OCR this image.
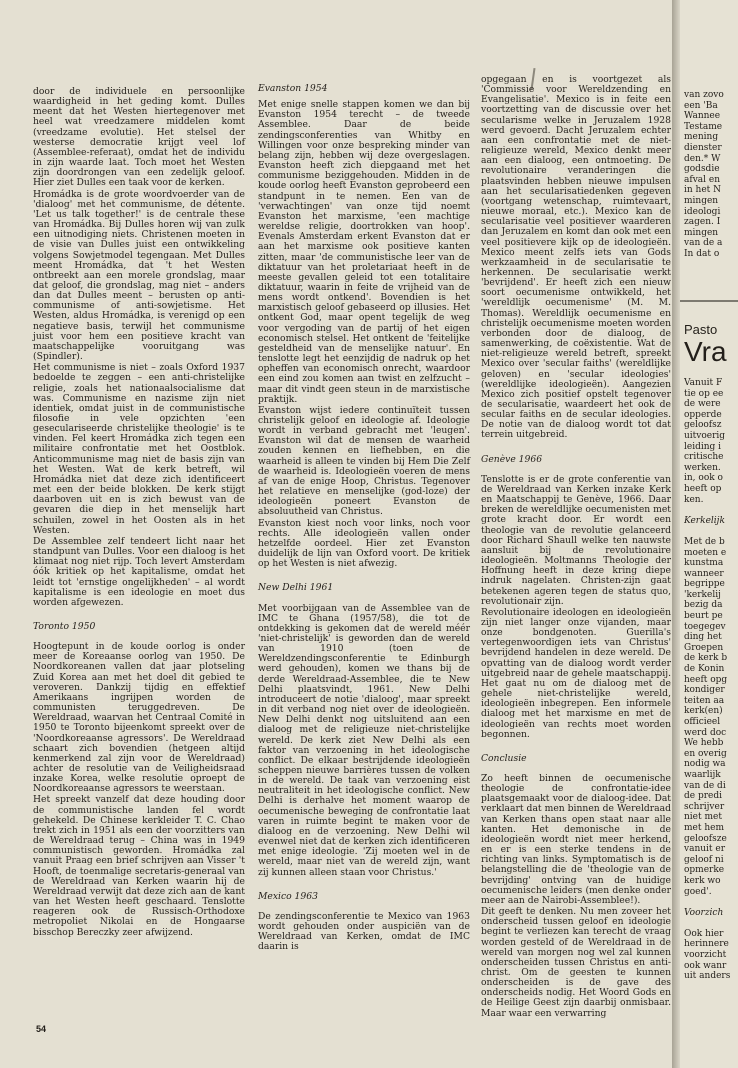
door de individuele en persoonlijke waardigheid in het geding komt. Dulles meent dat het Westen hiertegenover met heel wat vreedzamere middelen komt (vreedzame evolutie). Het stelsel der westerse democratie krijgt veel lof (Assemblee-referaat), omdat het de individu in zijn waarde laat. Toch moet het Westen zijn doordrongen van een zedelijk geloof. Hier ziet Dulles een taak voor de kerken.

Hromádka is de grote woordvoerder van de 'dialoog' met het communisme, de détente. 'Let us talk together!' is de centrale these van Hromádka. Bij Dulles horen wij van zulk een uitnodiging niets. Christenen moeten in de visie van Dulles juist een ontwikkeling volgens Sowjetmodel tegengaan. Met Dulles meent Hromádka, dat 't het Westen ontbreekt aan een morele grondslag, maar dat geloof, die grondslag, mag niet – anders dan dat Dulles meent – berusten op anti-communisme of anti-sowjetisme. Het Westen, aldus Hromádka, is verenigd op een negatieve basis, terwijl het communisme juist voor hem een positieve kracht van maatschappelijke vooruitgang was (Spindler).

Het communisme is niet – zoals Oxford 1937 bedoelde te zeggen – een anti-christelijke religie, zoals het nationaalsocialisme dat was. Communisme en nazisme zijn niet identiek, omdat juist in de communistische filosofie in vele opzichten 'een geseculariseerde christelijke theologie' is te vinden. Fel keert Hromádka zich tegen een militaire confrontatie met het Oostblok. Anticommunisme mag niet de basis zijn van het Westen. Wat de kerk betreft, wil Hromádka niet dat deze zich identificeert met een der beide blokken. De kerk stijgt daarboven uit en is zich bewust van de gevaren die diep in het menselijk hart schuilen, zowel in het Oosten als in het Westen.

De Assemblee zelf tendeert licht naar het standpunt van Dulles. Voor een dialoog is het klimaat nog niet rijp. Toch levert Amsterdam óók kritiek op het kapitalisme, omdat het leidt tot 'ernstige ongelijkheden' – al wordt kapitalisme is een ideologie en moet dus worden afgewezen.

Toronto 1950

Hoogtepunt in de koude oorlog is onder meer de Koreaanse oorlog van 1950. De Noordkoreanen vallen dat jaar plotseling Zuid Korea aan met het doel dit gebied te veroveren. Dankzij tijdig en effektief Amerikaans ingrijpen worden de communisten teruggedreven. De Wereldraad, waarvan het Centraal Comité in 1950 te Toronto bijeenkomt spreekt over de 'Noordkoreaanse agressors'. De Wereldraad schaart zich bovendien (hetgeen altijd kenmerkend zal zijn voor de Wereldraad) achter de resolutie van de Veiligheidsraad inzake Korea, welke resolutie oproept de Noordkoreaanse agressors te weerstaan.

Het spreekt vanzelf dat deze houding door de communistische landen fel wordt gehekeld. De Chinese kerkleider T. C. Chao trekt zich in 1951 als een der voorzitters van de Wereldraad terug – China was in 1949 communistisch geworden. Hromádka zal vanuit Praag een brief schrijven aan Visser 't Hooft, de toenmalige secretaris-generaal van de Wereldraad van Kerken waarin hij de Wereldraad verwijt dat deze zich aan de kant van het Westen heeft geschaard. Tenslotte reageren ook de Russisch-Orthodoxe metropoliet Nikolai en de Hongaarse bisschop Bereczky zeer afwijzend.

Evanston 1954

Met enige snelle stappen komen we dan bij Evanston 1954 terecht – de tweede Assemblee. Daar de beide zendingsconferenties van Whitby en Willingen voor onze bespreking minder van belang zijn, hebben wij deze overgeslagen. Evanston heeft zich diepgaand met het communisme beziggehouden. Midden in de koude oorlog heeft Evanston geprobeerd een standpunt in te nemen. Een van de 'verwachtingen' van onze tijd noemt Evanston het marxisme, 'een machtige wereldse religie, doortrokken van hoop'. Evenals Amsterdam erkent Evanston dat er aan het marxisme ook positieve kanten zitten, maar 'de communistische leer van de diktatuur van het proletariaat heeft in de meeste gevallen geleid tot een totalitaire diktatuur, waarin in feite de vrijheid van de mens wordt ontkend'. Bovendien is het marxistisch geloof gebaseerd op illusies. Het ontkent God, maar opent tegelijk de weg voor vergoding van de partij of het eigen economisch stelsel. Het ontkent de 'feitelijke gesteldheid van de menselijke natuur'. En tenslotte legt het eenzijdig de nadruk op het opheffen van economisch onrecht, waardoor een eind zou komen aan twist en zelfzucht – maar dit vindt geen steun in de marxistische praktijk.

Evanston wijst iedere continuïteit tussen christelijk geloof en ideologie af. Ideologie wordt in verband gebracht met 'leugen'. Evanston wil dat de mensen de waarheid zouden kennen en liefhebben, en die waarheid is alleen te vinden bij Hem Die Zelf de waarheid is. Ideologieën voeren de mens af van de enige Hoop, Christus. Tegenover het relatieve en menselijke (god-loze) der ideologieën poneert Evanston de absoluutheid van Christus.

Evanston kiest noch voor links, noch voor rechts. Alle ideologieën vallen onder hetzelfde oordeel. Hier zet Evanston duidelijk de lijn van Oxford voort. De kritiek op het Westen is niet afwezig.

New Delhi 1961

Met voorbijgaan van de Assemblee van de IMC te Ghana (1957/58), die tot de ontdekking is gekomen dat de wereld méér 'niet-christelijk' is geworden dan de wereld van 1910 (toen de Wereldzendingsconferentie te Edinburgh werd gehouden), komen we thans bij de derde Wereldraad-Assemblee, die te New Delhi plaatsvindt, 1961. New Delhi introduceert de notie 'dialoog', maar spreekt in dit verband nog niet over de ideologieën. New Delhi denkt nog uitsluitend aan een dialoog met de religieuze niet-christelijke wereld. De kerk ziet New Delhi als een faktor van verzoening in het ideologische conflict. De elkaar bestrijdende ideologieën scheppen nieuwe barrières tussen de volken in de wereld. De taak van verzoening eist neutraliteit in het ideologische conflict. New Delhi is derhalve het moment waarop de oecumenische beweging de confrontatie laat varen in ruimte begint te maken voor de dialoog en de verzoening. New Delhi wil evenwel niet dat de kerken zich identificeren met enige ideologie. 'Zij moeten wel in de wereld, maar niet van de wereld zijn, want zij kunnen alleen staan voor Christus.'

Mexico 1963

De zendingsconferentie te Mexico van 1963 wordt gehouden onder auspiciën van de Wereldraad van Kerken, omdat de IMC daarin is

opgegaan en is voortgezet als 'Commissie voor Wereldzending en Evangelisatie'. Mexico is in feite een voortzetting van de discussie over het secularisme welke in Jeruzalem 1928 werd gevoerd. Dacht Jeruzalem echter aan een confrontatie met de niet-religieuze wereld, Mexico denkt meer aan een dialoog, een ontmoeting. De revolutionaire veranderingen die plaatsvinden hebben nieuwe impulsen aan het secularisatiedenken gegeven (voortgang wetenschap, ruimtevaart, nieuwe moraal, etc.). Mexico kan de secularisatie veel positiever waarderen dan Jeruzalem en komt dan ook met een veel positievere kijk op de ideologieën. Mexico meent zelfs iets van Gods werkzaamheid in de secularisatie te herkennen. De secularisatie werkt 'bevrijdend'. Er heeft zich een nieuw soort oecumenisme ontwikkeld, het 'wereldlijk oecumenisme' (M. M. Thomas). Wereldlijk oecumenisme en christelijk oecumenisme moeten worden verbonden door de dialoog, de samenwerking, de coëxistentie. Wat de niet-religieuze wereld betreft, spreekt Mexico over 'secular faiths' (wereldlijke geloven) en 'secular ideologies' (wereldlijke ideologieën). Aangezien Mexico zich positief opstelt tegenover de secularisatie, waardeert het ook de secular faiths en de secular ideologies. De notie van de dialoog wordt tot dat terrein uitgebreid.

Genève 1966

Tenslotte is er de grote conferentie van de Wereldraad van Kerken inzake Kerk en Maatschappij te Genève, 1966. Daar breken de wereldlijke oecumenisten met grote kracht door. Er wordt een theologie van de revolutie gelanceerd door Richard Shaull welke ten nauwste aansluit bij de revolutionaire ideologieën. Moltmanns Theologie der Hoffnung heeft in deze kring diepe indruk nagelaten. Christen-zijn gaat betekenen ageren tegen de status quo, revolutionair zijn.

Revolutionaire ideologen en ideologieën zijn niet langer onze vijanden, maar onze bondgenoten. Guerilla's vertegenwoordigen iets van Christus' bevrijdend handelen in deze wereld. De opvatting van de dialoog wordt verder uitgebreid naar de gehele maatschappij. Het gaat nu om de dialoog met de gehele niet-christelijke wereld, ideologieën inbegrepen. Een informele dialoog met het marxisme en met de ideologieën van rechts moet worden begonnen.

Conclusie

Zo heeft binnen de oecumenische theologie de confrontatie-idee plaatsgemaakt voor de dialoog-idee. Dat verklaart dat men binnen de Wereldraad van Kerken thans open staat naar alle kanten. Het demonische in de ideologieën wordt niet meer herkend, en er is een sterke tendens in de richting van links. Symptomatisch is de belangstelling die de 'theologie van de bevrijding' ontving van de huidige oecumenische leiders (men denke onder meer aan de Nairobi-Assemblee!).

Dit geeft te denken. Nu men zoveer het onderscheid tussen geloof en ideologie begint te verliezen kan terecht de vraag worden gesteld of de Wereldraad in de wereld van morgen nog wel zal kunnen onderscheiden tussen Christus en anti-christ. Om de geesten te kunnen onderscheiden is de gave des onderscheids nodig. Het Woord Gods en de Heilige Geest zijn daarbij onmisbaar. Maar waar een verwarring

54
van zovo
een 'Ba
Wannee
Testame
mening
dienster
den.* W
godsdie
afval en
in het N
mingen
ideologi
zagen. I
mingen
van de a
In dat o
Pasto
Vra
Vanuit F
tie op ee
de were
opperde
geloofsz
uitvoerig
leiding i
critische
werken.
in, ook o
heeft op
ken.
Kerkelijk
Met de b
moeten e
kunstma
wanneer
begrippe
'kerkelij
bezig da
beurt pe
toegegev
ding het
Groepen
de kerk b
de Konin
heeft opg
kondiger
teiten aa
kerk(en)
officieel
werd doc
We hebb
en overig
nodig wa
waarlijk
van de di
de predi
schrijver
niet met
met hem
geloofsze
vanuit er
geloof ni
opmerke
kerk wo
goed'.
Voorzich
Ook hier
herinnere
voorzicht
ook wanr
uit anders
